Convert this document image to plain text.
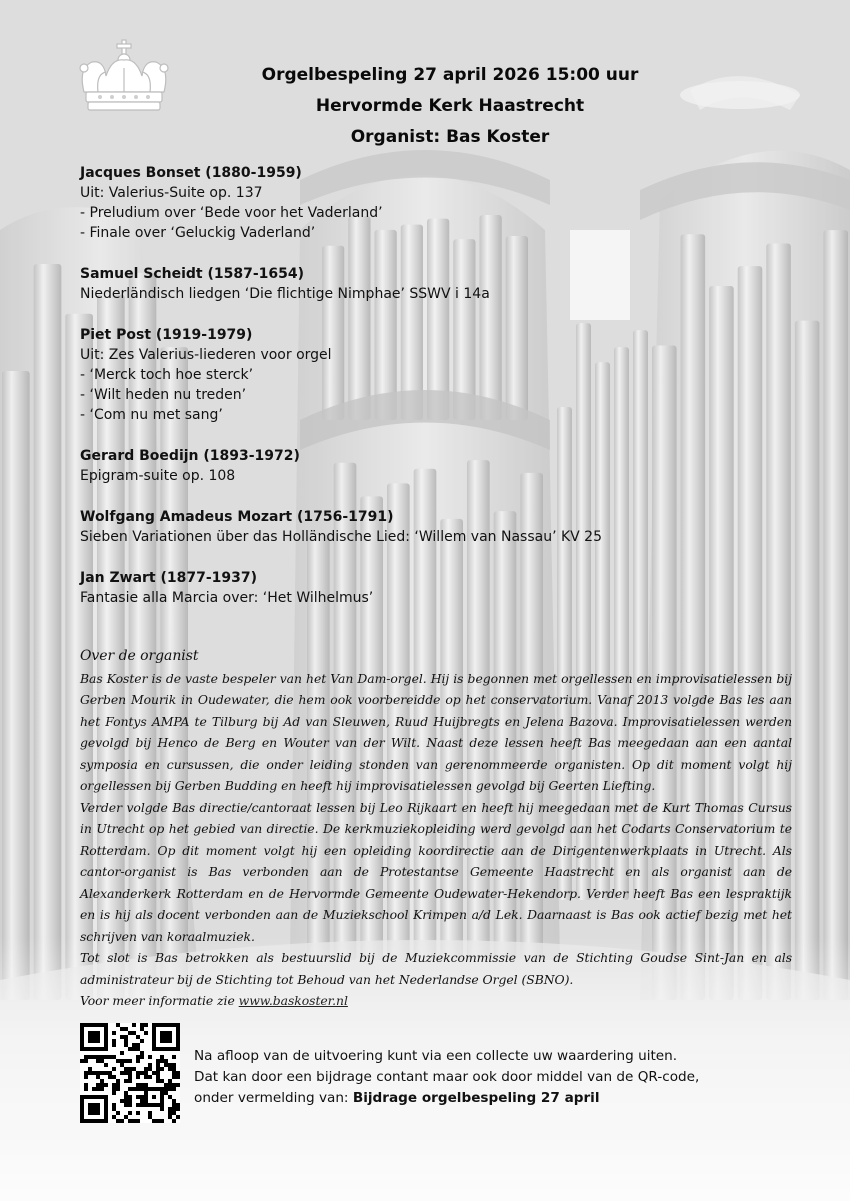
Orgelbespeling 27 april 2026 15:00 uur
Hervormde Kerk Haastrecht
Organist: Bas Koster
Jacques Bonset (1880-1959)
Uit: Valerius-Suite op. 137
- Preludium over ‘Bede voor het Vaderland’
- Finale over ‘Geluckig Vaderland’
Samuel Scheidt (1587-1654)
Niederländisch liedgen ‘Die flichtige Nimphae’ SSWV i 14a
Piet Post (1919-1979)
Uit: Zes Valerius-liederen voor orgel
- ‘Merck toch hoe sterck’
- ‘Wilt heden nu treden’
- ‘Com nu met sang’
Gerard Boedijn (1893-1972)
Epigram-suite op. 108
Wolfgang Amadeus Mozart (1756-1791)
Sieben Variationen über das Holländische Lied: ‘Willem van Nassau’ KV 25
Jan Zwart (1877-1937)
Fantasie alla Marcia over: ‘Het Wilhelmus’
Over de organist

Bas Koster is de vaste bespeler van het Van Dam-orgel. Hij is begonnen met orgellessen en improvisatielessen bij Gerben Mourik in Oudewater, die hem ook voorbereidde op het conservatorium. Vanaf 2013 volgde Bas les aan het Fontys AMPA te Tilburg bij Ad van Sleuwen, Ruud Huijbregts en Jelena Bazova. Improvisatielessen werden gevolgd bij Henco de Berg en Wouter van der Wilt. Naast deze lessen heeft Bas meegedaan aan een aantal symposia en cursussen, die onder leiding stonden van gerenommeerde organisten. Op dit moment volgt hij orgellessen bij Gerben Budding en heeft hij improvisatielessen gevolgd bij Geerten Liefting.

Verder volgde Bas directie/cantoraat lessen bij Leo Rijkaart en heeft hij meegedaan met de Kurt Thomas Cursus in Utrecht op het gebied van directie. De kerkmuziekopleiding werd gevolgd aan het Codarts Conservatorium te Rotterdam. Op dit moment volgt hij een opleiding koordirectie aan de Dirigentenwerkplaats in Utrecht. Als cantor-organist is Bas verbonden aan de Protestantse Gemeente Haastrecht en als organist aan de Alexanderkerk Rotterdam en de Hervormde Gemeente Oudewater-Hekendorp. Verder heeft Bas een lespraktijk en is hij als docent verbonden aan de Muziekschool Krimpen a/d Lek. Daarnaast is Bas ook actief bezig met het schrijven van koraalmuziek.

Tot slot is Bas betrokken als bestuurslid bij de Muziekcommissie van de Stichting Goudse Sint-Jan en als administrateur bij de Stichting tot Behoud van het Nederlandse Orgel (SBNO).

Voor meer informatie zie www.baskoster.nl

Na afloop van de uitvoering kunt via een collecte uw waardering uiten.
Dat kan door een bijdrage contant maar ook door middel van de QR-code,
onder vermelding van: Bijdrage orgelbespeling 27 april
